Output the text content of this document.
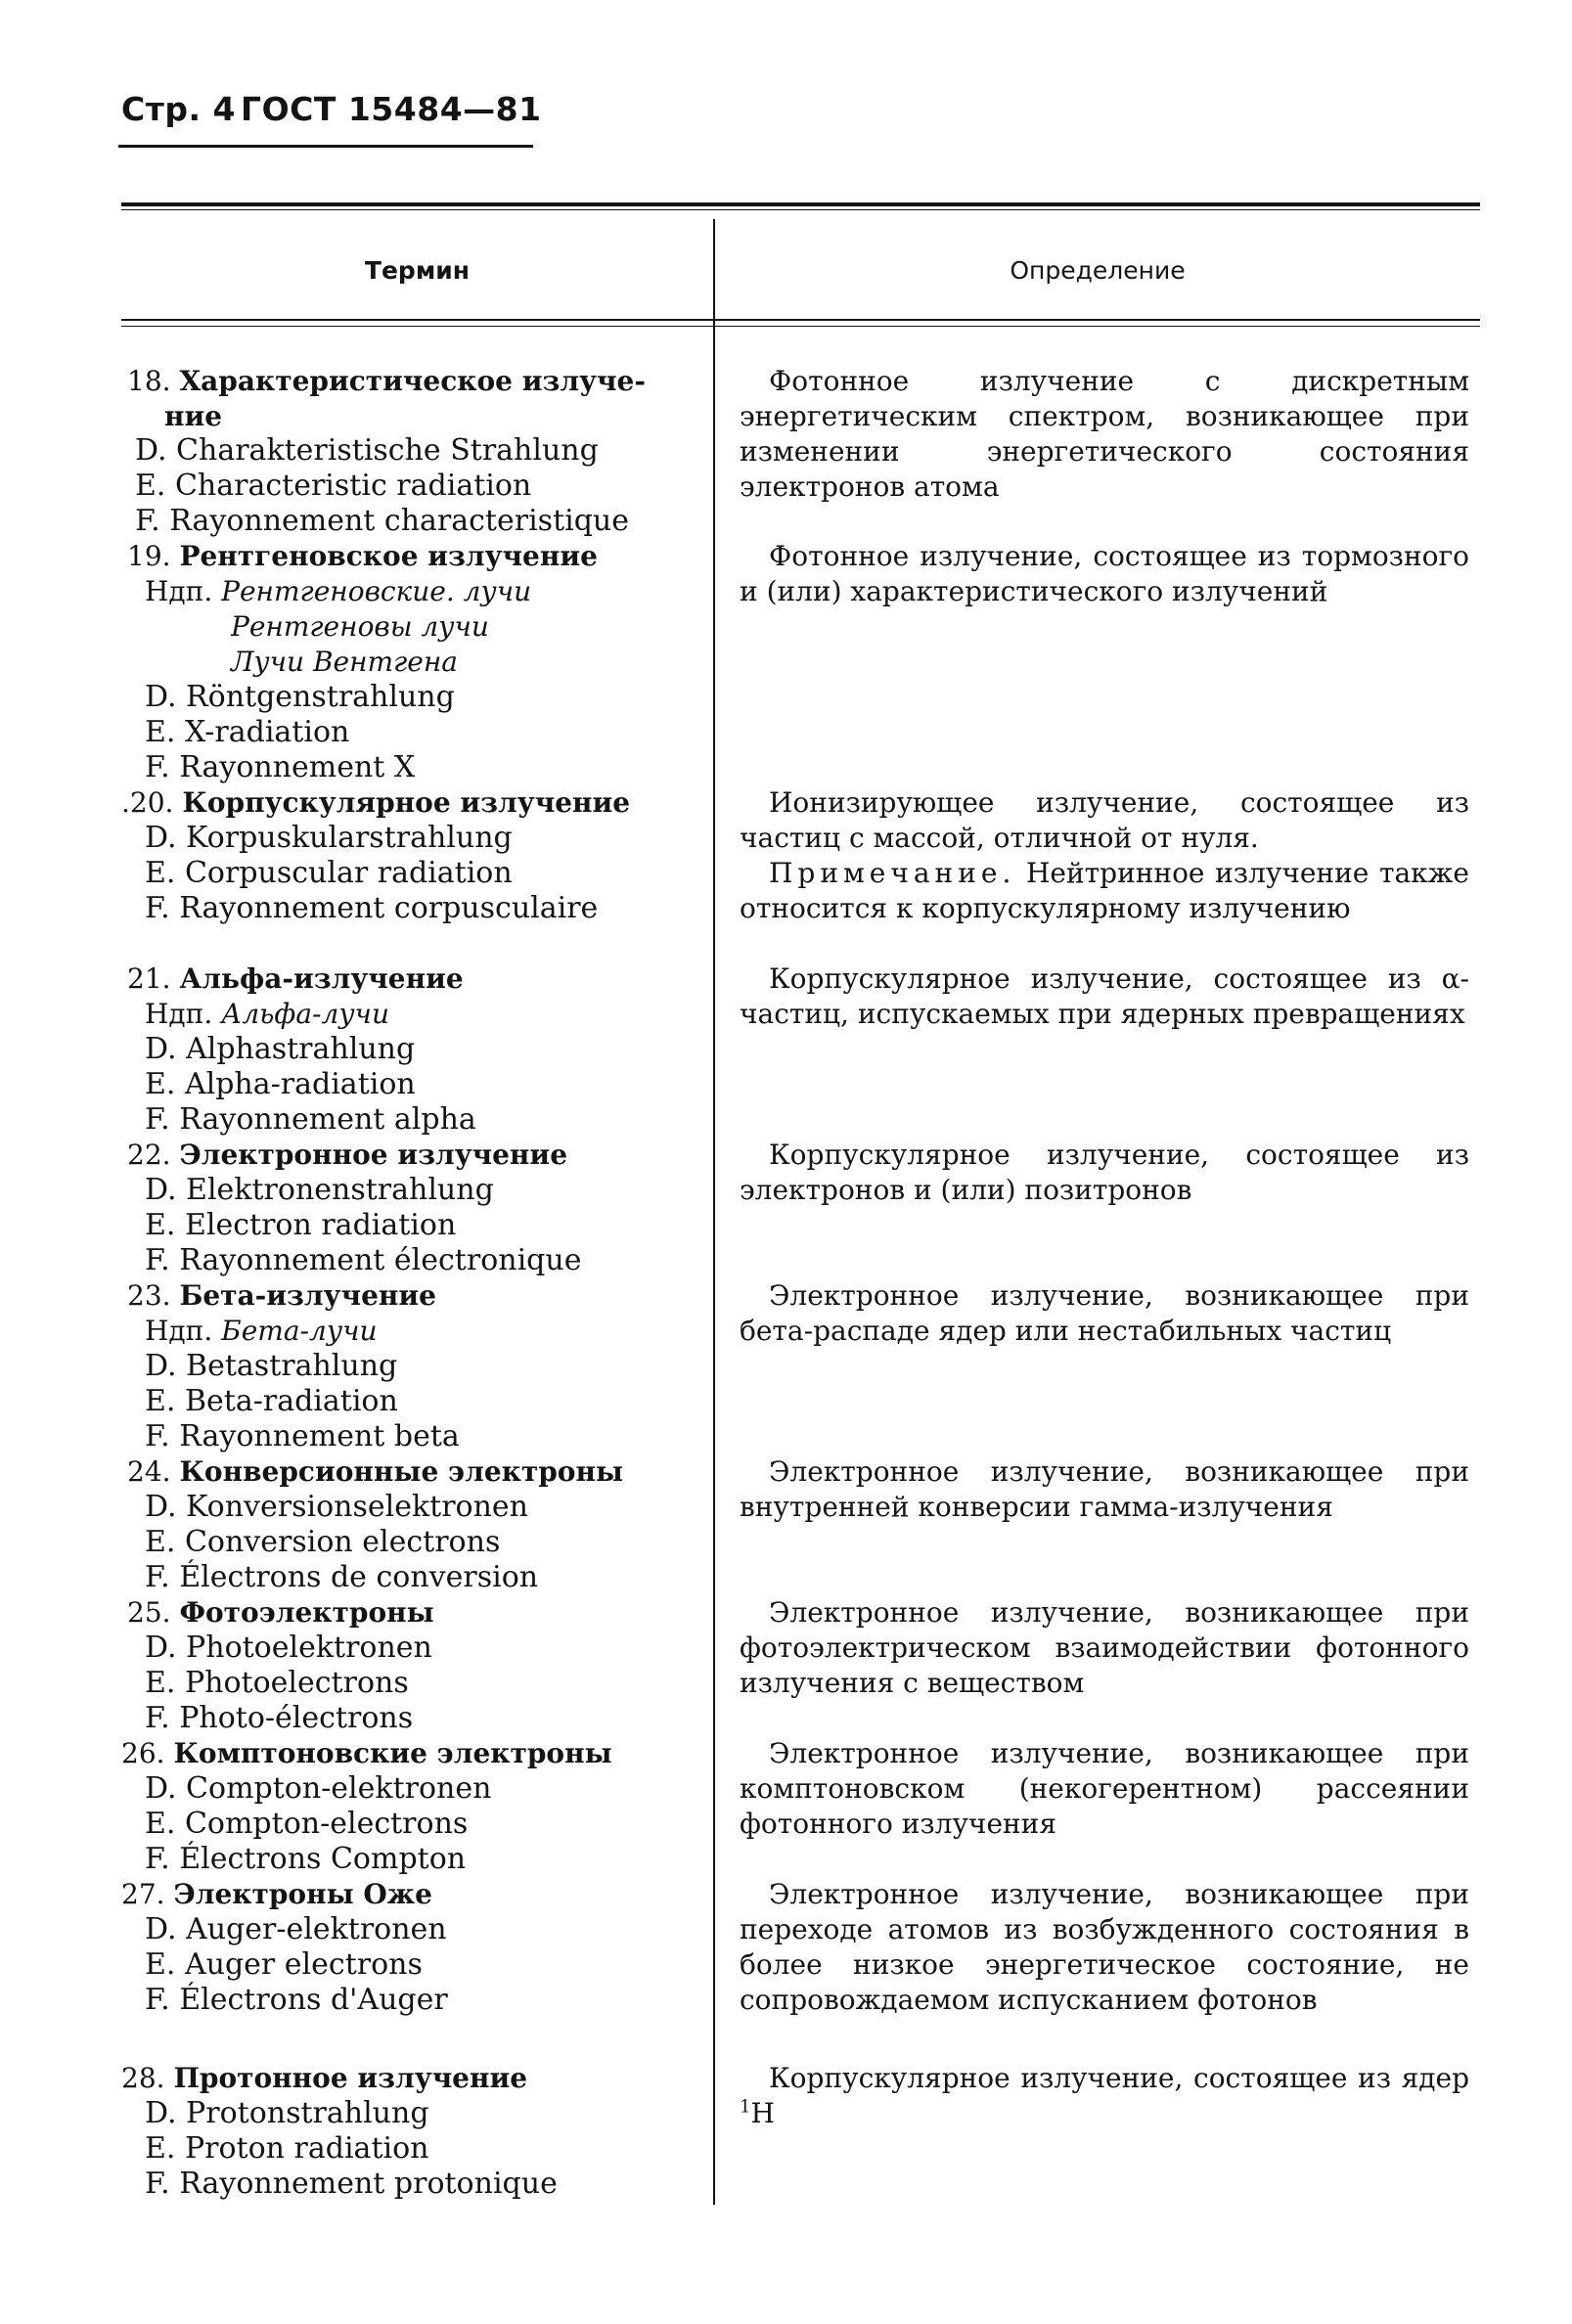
Стр. 4 ГОСТ 15484—81
Термин	Определение
18. Характеристическое излуче-
ние
D. Charakteristische Strahlung
E. Characteristic radiation
F. Rayonnement characteristique
19. Рентгеновское излучение
Ндп. Рентгеновские. лучи
Рентгеновы лучи
Лучи Вентгена
D. Röntgenstrahlung
E. X-radiation
F. Rayonnement X
.20. Корпускулярное излучение
D. Korpuskularstrahlung
E. Corpuscular radiation
F. Rayonnement corpusculaire
21. Альфа-излучение
Ндп. Альфа-лучи
D. Alphastrahlung
E. Alpha-radiation
F. Rayonnement alpha
22. Электронное излучение
D. Elektronenstrahlung
E. Electron radiation
F. Rayonnement électronique
23. Бета-излучение
Ндп. Бета-лучи
D. Betastrahlung
E. Beta-radiation
F. Rayonnement beta
24. Конверсионные электроны
D. Konversionselektronen
E. Conversion electrons
F. Électrons de conversion
25. Фотоэлектроны
D. Photoelektronen
E. Photoelectrons
F. Photo-électrons
26. Комптоновские электроны
D. Compton-elektronen
E. Compton-electrons
F. Électrons Compton
27. Электроны Оже
D. Auger-elektronen
E. Auger electrons
F. Électrons d'Auger
28. Протонное излучение
D. Protonstrahlung
E. Proton radiation
F. Rayonnement protonique

Фотонное излучение с дискретным энергетическим спектром, возникающее при изменении энергетического состояния электронов атома

Фотонное излучение, состоящее из тормозного и (или) характеристического излучений

Ионизирующее излучение, состоящее из частиц с массой, отличной от нуля.

Примечание. Нейтринное излучение также относится к корпускулярному излучению

Корпускулярное излучение, состоящее из α-частиц, испускаемых при ядерных превращениях

Корпускулярное излучение, состоящее из электронов и (или) позитронов

Электронное излучение, возникающее при бета-распаде ядер или нестабильных частиц

Электронное излучение, возникающее при внутренней конверсии гамма-излучения

Электронное излучение, возникающее при фотоэлектрическом взаимодействии фотонного излучения с веществом

Электронное излучение, возникающее при комптоновском (некогерентном) рассеянии фотонного излучения

Электронное излучение, возникающее при переходе атомов из возбужденного состояния в более низкое энергетическое состояние, не сопровождаемом испусканием фотонов

Корпускулярное излучение, состоящее из ядер $^1$H
